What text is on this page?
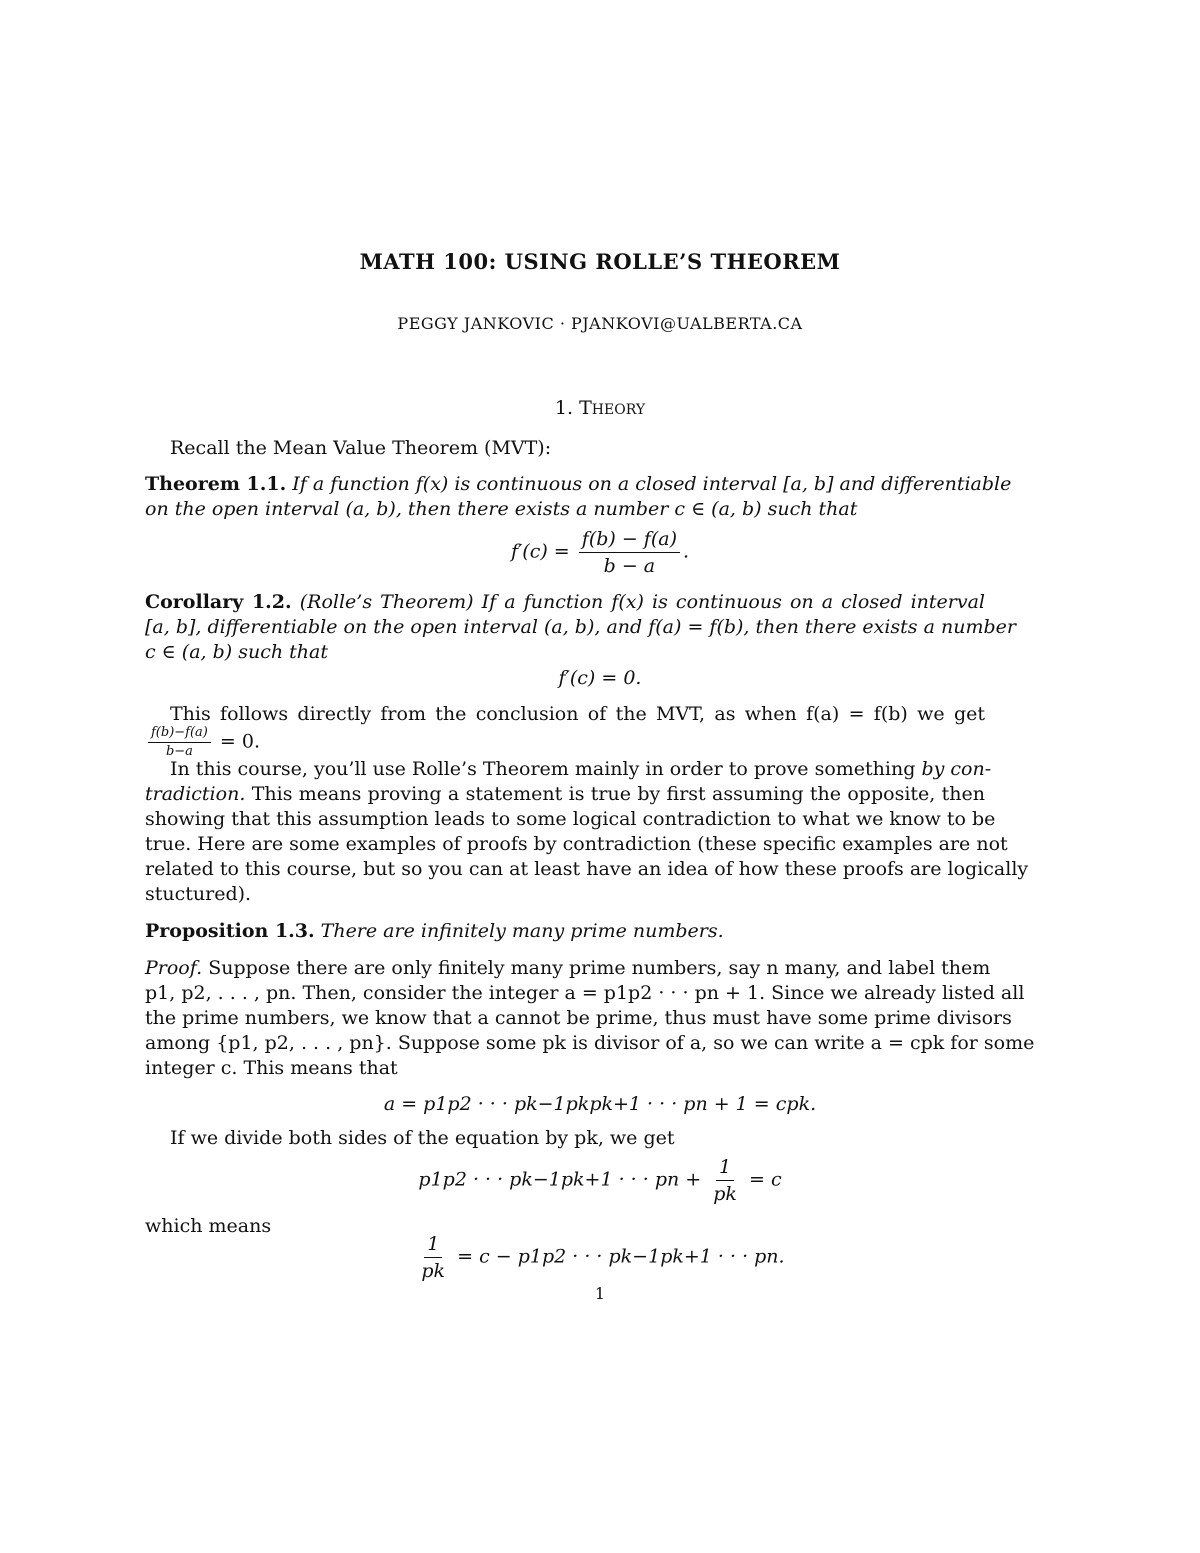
MATH 100: USING ROLLE’S THEOREM
PEGGY JANKOVIC · PJANKOVI@UALBERTA.CA
1. THEORY
Recall the Mean Value Theorem (MVT):
Theorem 1.1. If a function f(x) is continuous on a closed interval [a, b] and differentiable
on the open interval (a, b), then there exists a number c ∈ (a, b) such that
$f'(c) = \frac{f(b) - f(a)}{b - a}$ .
Corollary 1.2. (Rolle’s Theorem) If a function f(x) is continuous on a closed interval
[a, b], differentiable on the open interval (a, b), and f(a) = f(b), then there exists a number
c ∈ (a, b) such that
f′(c) = 0.
This follows directly from the conclusion of the MVT, as when f(a) = f(b) we get
$\frac{f(b)-f(a)}{b-a} = 0$.
In this course, you’ll use Rolle’s Theorem mainly in order to prove something by con-
tradiction. This means proving a statement is true by first assuming the opposite, then
showing that this assumption leads to some logical contradiction to what we know to be
true. Here are some examples of proofs by contradiction (these specific examples are not
related to this course, but so you can at least have an idea of how these proofs are logically
stuctured).
Proposition 1.3. There are infinitely many prime numbers.
Proof. Suppose there are only finitely many prime numbers, say n many, and label them
p1, p2, . . . , pn. Then, consider the integer a = p1p2 · · · pn + 1. Since we already listed all
the prime numbers, we know that a cannot be prime, thus must have some prime divisors
among {p1, p2, . . . , pn}. Suppose some pk is divisor of a, so we can write a = cpk for some
integer c. This means that
a = p1p2 · · · pk−1pkpk+1 · · · pn + 1 = cpk.
If we divide both sides of the equation by pk, we get
p1p2 · · · pk−1pk+1 · · · pn + $\frac{1}{pk} = c$
which means
$\frac{1}{pk} = c - p1p2$ · · · pk−1pk+1 · · · pn.
1
